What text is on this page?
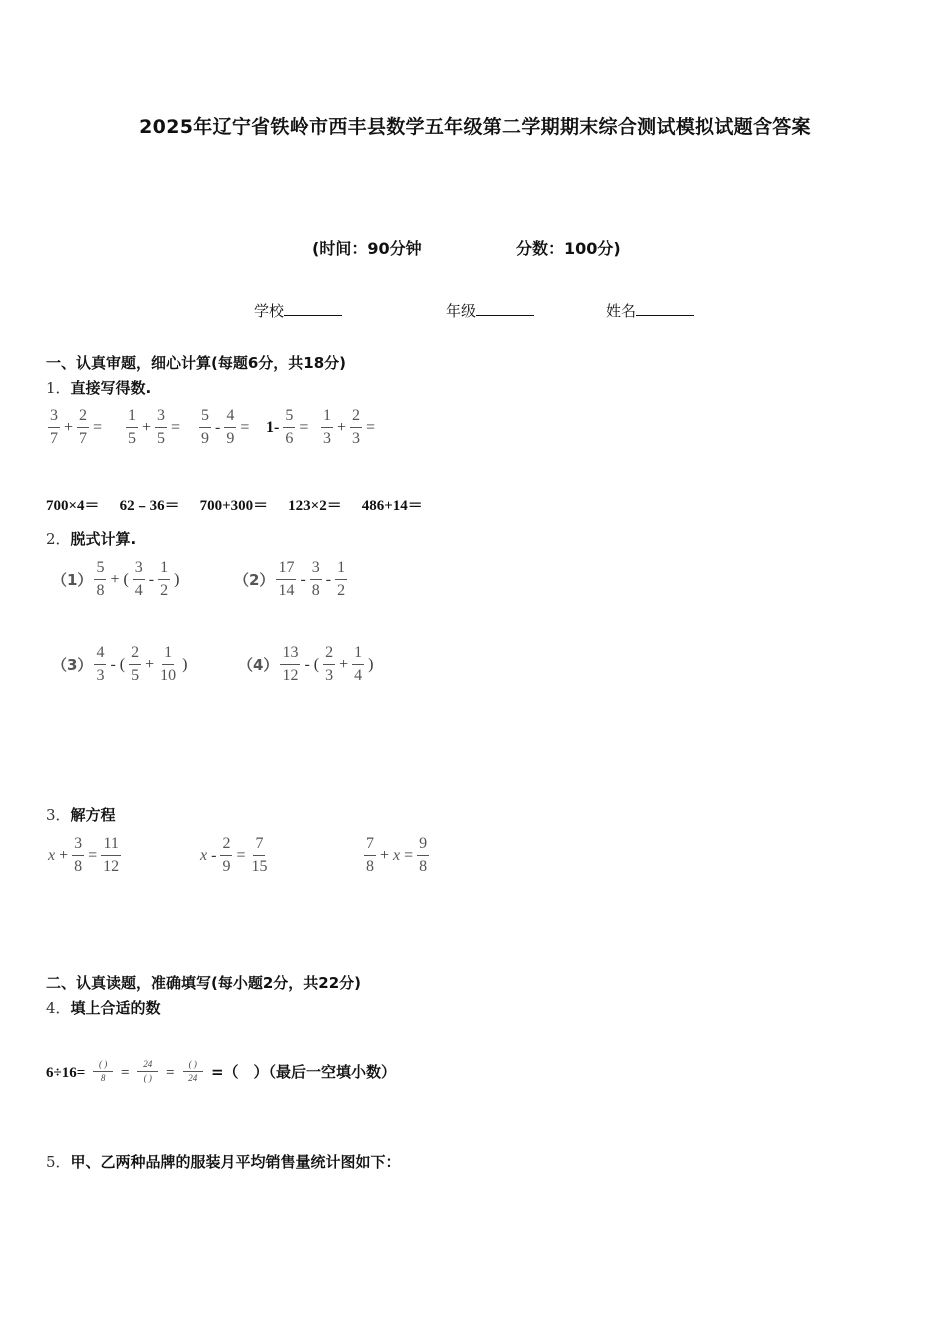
2025年辽宁省铁岭市西丰县数学五年级第二学期期末综合测试模拟试题含答案
(时间：90分钟	分数：100分)
学校	年级	姓名
一、认真审题，细心计算(每题6分，共18分)
1．直接写得数.
$\frac{3}{7} + \frac{2}{7} = \frac{1}{5} + \frac{3}{5} = \frac{5}{9} - \frac{4}{9} = 1- \frac{5}{6} = \frac{1}{3} + \frac{2}{3}$ =
700×4＝ 62﹣36＝ 700+300＝ 123×2＝ 486+14＝
2．脱式计算.
$(1) \frac{5}{8}$ + ( $\frac{3}{4} - \frac{1}{2}$ )	$(2) \frac{17}{14} - \frac{3}{8} - \frac{1}{2}$
$(3) \frac{4}{3}$ - ( $\frac{2}{5} + \frac{1}{10}$ )	$(4) \frac{13}{12}$ - ( $\frac{2}{3} + \frac{1}{4}$ )
3．解方程
$x + \frac{3}{8} = \frac{11}{12}$	$x - \frac{2}{9} = \frac{7}{15}$	$\frac{7}{8} + x = \frac{9}{8}$
二、认真读题，准确填写(每小题2分，共22分)
4．填上合适的数
$6\div 16= \frac{( )}{8} = \frac{24}{( )} = \frac{( )}{24}$ =（　）（最后一空填小数）
5．甲、乙两种品牌的服装月平均销售量统计图如下：
